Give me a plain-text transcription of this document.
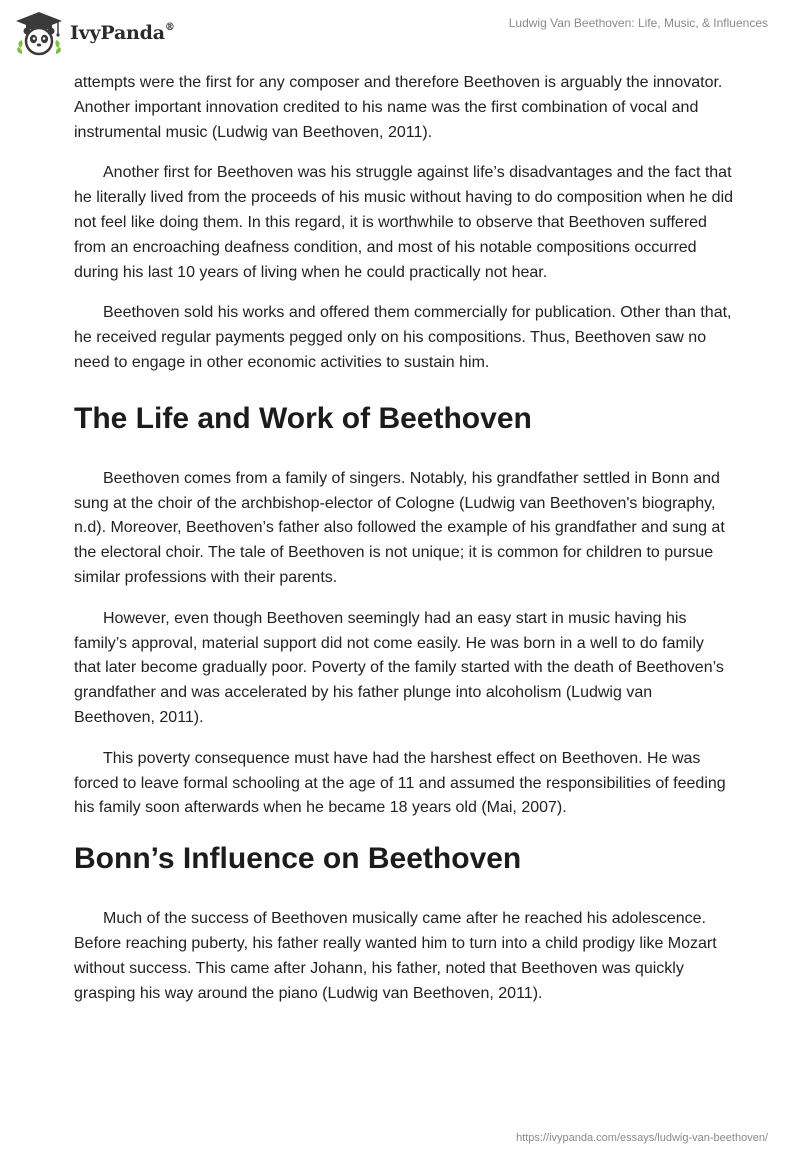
IvyPanda®	Ludwig Van Beethoven: Life, Music, & Influences

attempts were the first for any composer and therefore Beethoven is arguably the innovator. Another important innovation credited to his name was the first combination of vocal and instrumental music (Ludwig van Beethoven, 2011).

Another first for Beethoven was his struggle against life’s disadvantages and the fact that he literally lived from the proceeds of his music without having to do composition when he did not feel like doing them. In this regard, it is worthwhile to observe that Beethoven suffered from an encroaching deafness condition, and most of his notable compositions occurred during his last 10 years of living when he could practically not hear.

Beethoven sold his works and offered them commercially for publication. Other than that, he received regular payments pegged only on his compositions. Thus, Beethoven saw no need to engage in other economic activities to sustain him.

The Life and Work of Beethoven

Beethoven comes from a family of singers. Notably, his grandfather settled in Bonn and sung at the choir of the archbishop-elector of Cologne (Ludwig van Beethoven's biography, n.d). Moreover, Beethoven’s father also followed the example of his grandfather and sung at the electoral choir. The tale of Beethoven is not unique; it is common for children to pursue similar professions with their parents.

However, even though Beethoven seemingly had an easy start in music having his family’s approval, material support did not come easily. He was born in a well to do family that later become gradually poor. Poverty of the family started with the death of Beethoven’s grandfather and was accelerated by his father plunge into alcoholism (Ludwig van Beethoven, 2011).

This poverty consequence must have had the harshest effect on Beethoven. He was forced to leave formal schooling at the age of 11 and assumed the responsibilities of feeding his family soon afterwards when he became 18 years old (Mai, 2007).

Bonn’s Influence on Beethoven

Much of the success of Beethoven musically came after he reached his adolescence. Before reaching puberty, his father really wanted him to turn into a child prodigy like Mozart without success. This came after Johann, his father, noted that Beethoven was quickly grasping his way around the piano (Ludwig van Beethoven, 2011).

https://ivypanda.com/essays/ludwig-van-beethoven/
